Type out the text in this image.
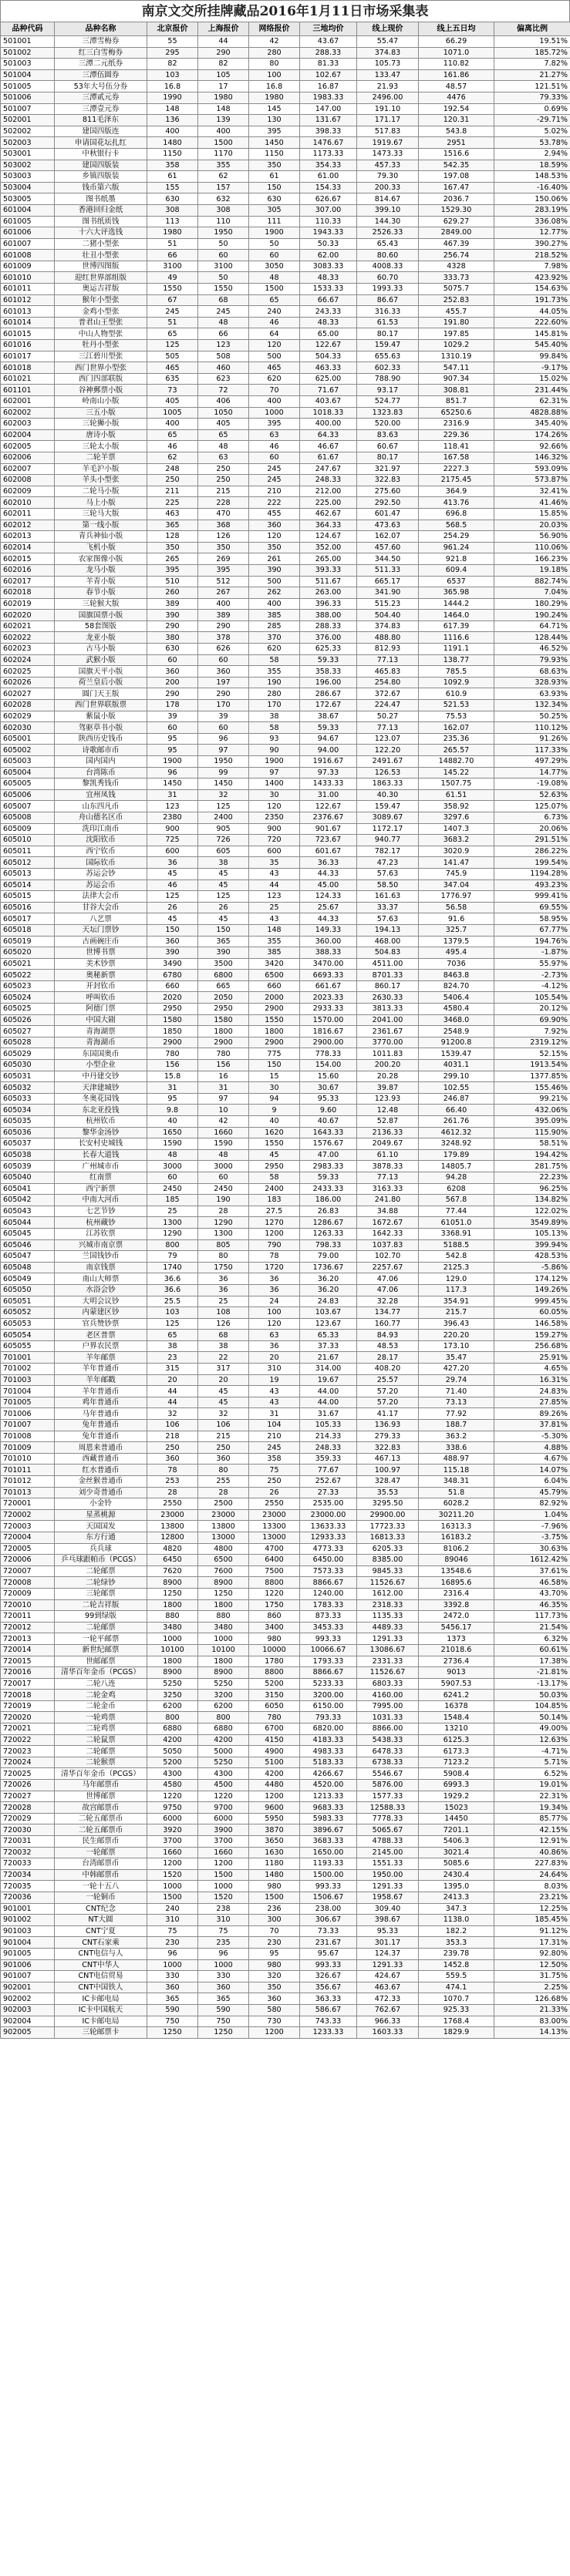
南京文交所挂牌藏品2016年1月11日市场采集表
品种代码	品种名称	北京报价	上海报价	网络报价	三地均价	线上现价	线上五日均	偏离比例
501001	三潭雪梅券	55	44	42	43.67	55.47	66.29	19.51%
501002	红三白雪梅券	295	290	280	288.33	374.83	1071.0	185.72%
501003	三潭二元纸券	82	82	80	81.33	105.73	110.82	7.82%
501004	三潭伍圆券	103	105	100	102.67	133.47	161.86	21.27%
501005	53年大号伍分券	16.8	17	16.8	16.87	21.93	48.57	121.51%
501006	三潭贰元券	1990	1980	1980	1983.33	2496.00	4476	79.33%
501007	三潭壹元券	148	148	145	147.00	191.10	192.54	0.69%
502001	811毛泽东	136	139	130	131.67	171.17	120.31	-29.71%
502002	建国四版连	400	400	395	398.33	517.83	543.8	5.02%
502003	申请国花坛扎红	1480	1500	1450	1476.67	1919.67	2951	53.78%
503001	中秋银行卡	1150	1170	1150	1173.33	1473.33	1516.6	2.94%
503002	建国四版装	358	355	350	354.33	457.33	542.35	18.59%
503003	乡镇四版装	61	62	61	61.00	79.30	197.08	148.53%
503004	钱币第六版	155	157	150	154.33	200.33	167.47	-16.40%
503005	图书纸墨	630	632	630	626.67	814.67	2036.7	150.06%
601004	香港回归金纸	308	308	305	307.00	399.10	1529.30	283.19%
601005	图书纸质钱	113	110	111	110.33	144.30	629.27	336.08%
601006	十六大评选钱	1980	1950	1900	1943.33	2526.33	2849.00	12.77%
601007	二猪小型张	51	50	50	50.33	65.43	467.39	390.27%
601008	壮丑小型张	66	60	60	62.00	80.60	256.74	218.52%
601009	世博四图版	3100	3100	3050	3083.33	4008.33	4328	7.98%
601010	迎红世界部组版	49	50	48	48.33	60.70	333.73	423.92%
601011	奥运吉祥版	1550	1550	1500	1533.33	1993.33	5075.7	154.63%
601012	猴年小型张	67	68	65	66.67	86.67	252.83	191.73%
601013	金鸡小型张	245	245	240	243.33	316.33	455.7	44.05%
601014	普君山王型张	51	48	46	48.33	61.53	191.80	222.60%
601015	中山人物型张	65	66	64	65.00	80.17	197.85	145.81%
601016	牡丹小型张	125	123	120	122.67	159.47	1029.2	545.40%
601017	三江碧川型张	505	508	500	504.33	655.63	1310.19	99.84%
601018	西门世界小型张	465	460	465	463.33	602.33	547.11	-9.17%
601021	西门四部联版	635	623	620	625.00	788.90	907.34	15.02%
601101	谷神郵票小版	73	72	70	71.67	93.17	308.81	231.44%
602001	岭南山小版	405	406	400	403.67	524.77	851.7	62.31%
602002	三五小版	1005	1050	1000	1018.33	1323.83	65250.6	4828.88%
602003	三轮狮小版	400	405	395	400.00	520.00	2316.9	345.40%
602004	唐诗小版	65	65	63	64.33	83.63	229.36	174.26%
602005	三轮太小版	46	48	46	46.67	60.67	118.41	92.66%
602006	二轮羊票	62	63	60	61.67	80.17	167.58	146.32%
602007	羊毛沪小版	248	250	245	247.67	321.97	2227.3	593.09%
602008	羊头小型张	250	250	245	248.33	322.83	2175.45	573.87%
602009	二轮马小版	211	215	210	212.00	275.60	364.9	32.41%
602010	马上小版	225	228	222	225.00	292.50	413.76	41.46%
602011	三轮马大版	463	470	455	462.67	601.47	696.8	15.85%
602012	第一线小版	365	368	360	364.33	473.63	568.5	20.03%
602013	青兵神仙小版	128	126	120	124.67	162.07	254.29	56.90%
602014	飞机小版	350	350	350	352.00	457.60	961.24	110.06%
602015	农家图像小版	265	269	261	265.00	344.50	921.8	166.23%
602016	龙马小版	395	395	390	393.33	511.33	609.4	19.18%
602017	羊青小版	510	512	500	511.67	665.17	6537	882.74%
602018	春节小版	260	267	262	263.00	341.90	365.98	7.04%
602019	三轮猴大版	389	400	400	396.33	515.23	1444.2	180.29%
602020	国旗国票小版	390	389	385	388.00	504.40	1464.0	190.24%
602021	58套图版	290	290	285	288.33	374.83	617.39	64.71%
602022	龙亚小版	380	378	370	376.00	488.80	1116.6	128.44%
602023	古马小版	630	626	620	625.33	812.93	1191.1	46.52%
602024	武猴小版	60	60	58	59.33	77.13	138.77	79.93%
602025	国旗天平小版	360	360	355	358.33	465.83	785.5	68.63%
602026	荷兰皇后小版	200	197	190	196.00	254.80	1092.9	328.93%
602027	圆门天王版	290	290	280	286.67	372.67	610.9	63.93%
602028	西门世界联版票	178	170	170	172.67	224.47	521.53	132.34%
602029	紫鼠小版	39	39	38	38.67	50.27	75.53	50.25%
602030	驾驱草书小版	60	60	58	59.33	77.13	162.07	110.12%
605001	陕西历史钱币	95	96	93	94.67	123.07	235.36	91.26%
605002	诗歌邮市币	95	97	90	94.00	122.20	265.57	117.33%
605003	国内国内	1900	1950	1900	1916.67	2491.67	14882.70	497.29%
605004	台湾陈币	96	99	97	97.33	126.53	145.22	14.77%
605005	黎凯秀钱币	1450	1450	1400	1433.33	1863.33	1507.75	-19.08%
605006	宜州凤钱	31	32	30	31.00	40.30	61.51	52.63%
605007	山东四凡币	123	125	120	122.67	159.47	358.92	125.07%
605008	舟山德名区币	2380	2400	2350	2376.67	3089.67	3297.6	6.73%
605009	洗印江南币	900	905	900	901.67	1172.17	1407.3	20.06%
605010	沈阳钦币	725	726	720	723.67	940.77	3683.2	291.51%
605011	西宁钦币	600	605	600	601.67	782.17	3020.9	286.22%
605012	国际钦币	36	38	35	36.33	47.23	141.47	199.54%
605013	苏运会钞	45	45	43	44.33	57.63	745.9	1194.28%
605014	苏运会币	46	45	44	45.00	58.50	347.04	493.23%
605015	法律大会币	125	125	123	124.33	161.63	1776.97	999.41%
605016	甘谷大会币	26	26	25	25.67	33.37	56.58	69.55%
605017	八艺票	45	45	43	44.33	57.63	91.6	58.95%
605018	天坛门票钞	150	150	148	149.33	194.13	325.7	67.77%
605019	古画碗庄币	360	365	355	360.00	468.00	1379.5	194.76%
605020	世博书票	390	390	385	388.33	504.83	495.4	-1.87%
605021	美术钞票	3490	3500	3420	3470.00	4511.00	7036	55.97%
605022	奥秘新票	6780	6800	6500	6693.33	8701.33	8463.8	-2.73%
605023	开封钦币	660	665	660	661.67	860.17	824.70	-4.12%
605024	呼叫钦币	2020	2050	2000	2023.33	2630.33	5406.4	105.54%
605025	阿德门票	2950	2950	2900	2933.33	3813.33	4580.4	20.12%
605026	中国大剧	1580	1580	1550	1570.00	2041.00	3468.0	69.90%
605027	青海湖票	1850	1800	1800	1816.67	2361.67	2548.9	7.92%
605028	青海湖币	2900	2900	2900	2900.00	3770.00	91200.8	2319.12%
605029	东国国奥币	780	780	775	778.33	1011.83	1539.47	52.15%
605030	小型企业	156	156	150	154.00	200.20	4031.1	1913.54%
605031	中丹建交钞	15.8	16	15	15.60	20.28	299.10	1377.85%
605032	天津建城钞	31	31	30	30.67	39.87	102.55	155.46%
605033	冬奥花园钱	95	97	94	95.33	123.93	246.87	99.21%
605034	东北亚投钱	9.8	10	9	9.60	12.48	66.40	432.06%
605035	杭州钦币	40	42	40	40.67	52.87	261.76	395.09%
605036	黎华金汤钞	1650	1660	1620	1643.33	2136.33	4612.32	115.90%
605037	长安村史城钱	1590	1590	1550	1576.67	2049.67	3248.92	58.51%
605038	长春大道钱	48	48	45	47.00	61.10	179.89	194.42%
605039	广州城市币	3000	3000	2950	2983.33	3878.33	14805.7	281.75%
605040	红南票	60	60	58	59.33	77.13	94.28	22.23%
605041	西宁新票	2450	2450	2400	2433.33	3163.33	6208	96.25%
605042	中南大河币	185	190	183	186.00	241.80	567.8	134.82%
605043	七艺节钞	25	28	27.5	26.83	34.88	77.44	122.02%
605044	杭州藏钞	1300	1290	1270	1286.67	1672.67	61051.0	3549.89%
605045	江苏钦票	1290	1300	1200	1263.33	1642.33	3368.91	105.13%
605046	兴城市南京票	800	805	790	798.33	1037.83	5188.5	399.94%
605047	兰国钱钞币	79	80	78	79.00	102.70	542.8	428.53%
605048	南京钱票	1740	1750	1720	1736.67	2257.67	2125.3	-5.86%
605049	南山大师票	36.6	36	36	36.20	47.06	129.0	174.12%
605050	水浴会钞	36.6	36	36	36.20	47.06	117.3	149.26%
605051	大明会议钞	25.5	25	24	24.83	32.28	354.91	999.45%
605052	内蒙建区钞	103	108	100	103.67	134.77	215.7	60.05%
605053	官兵赞钞票	125	126	120	123.67	160.77	396.43	146.58%
605054	老区普票	65	68	63	65.33	84.93	220.20	159.27%
605055	户界农民票	38	38	36	37.33	48.53	173.10	256.68%
701001	羊年邮票	23	22	20	21.67	28.17	35.47	25.91%
701002	羊年普通币	315	317	310	314.00	408.20	427.20	4.65%
701003	羊年邮戳	20	20	19	19.67	25.57	29.74	16.31%
701004	羊年普通币	44	45	43	44.00	57.20	71.40	24.83%
701005	鸡年普通币	44	45	43	44.00	57.20	73.13	27.85%
701006	马年普通币	32	32	31	31.67	41.17	77.92	89.26%
701007	兔年普通币	106	106	104	105.33	136.93	188.7	37.81%
701008	兔年普通币	218	215	210	214.33	279.33	363.2	-5.30%
701009	周恩来普通币	250	250	245	248.33	322.83	338.6	4.88%
701010	西藏普通币	360	360	358	359.33	467.13	488.97	4.67%
701011	红水普通币	78	80	75	77.67	100.97	115.18	14.07%
701012	金丝猴普通币	253	255	250	252.67	328.47	348.31	6.04%
701013	刘少奇普通币	28	28	26	27.33	35.53	51.8	45.79%
720001	小金铃	2550	2500	2550	2535.00	3295.50	6028.2	82.92%
720002	星蒸桃源	23000	23000	23000	23000.00	29900.00	30211.20	1.04%
720003	天国国发	13800	13800	13300	13633.33	17723.33	16313.3	-7.96%
720004	东方行通	12800	13000	13000	12933.33	16813.33	16183.2	-3.75%
720005	兵兵球	4820	4800	4700	4773.33	6205.33	8106.2	30.63%
720006	乒乓球跟帕币（PCGS）	6450	6500	6400	6450.00	8385.00	89046	1612.42%
720007	二轮邮票	7620	7600	7500	7573.33	9845.33	13548.6	37.61%
720008	二轮绿钞	8900	8900	8800	8866.67	11526.67	16895.6	46.58%
720009	三轮邮票	1250	1250	1220	1240.00	1612.00	2316.4	43.70%
720010	二轮吉祥版	1800	1800	1750	1783.33	2318.33	3392.8	46.35%
720011	99到绿版	880	880	860	873.33	1135.33	2472.0	117.73%
720012	二轮邮票	3480	3480	3400	3453.33	4489.33	5456.17	21.54%
720013	一轮平邮票	1000	1000	980	993.33	1291.33	1373	6.32%
720014	新世纪邮票	10100	10100	10000	10066.67	13086.67	21018.6	60.61%
720015	世邮邮票	1800	1800	1780	1793.33	2331.33	2736.4	17.38%
720016	清华百年金币（PCGS）	8900	8900	8800	8866.67	11526.67	9013	-21.81%
720017	二轮八连	5250	5250	5200	5233.33	6803.33	5907.53	-13.17%
720018	二轮金鸡	3250	3200	3150	3200.00	4160.00	6241.2	50.03%
720019	二轮金币	6200	6200	6050	6150.00	7995.00	16378	104.85%
720020	一轮鸡票	800	800	780	793.33	1031.33	1548.4	50.14%
720021	二轮鸡票	6880	6880	6700	6820.00	8866.00	13210	49.00%
720022	二轮鼠票	4200	4200	4150	4183.33	5438.33	6125.3	12.63%
720023	二轮邮票	5050	5000	4900	4983.33	6478.33	6173.3	-4.71%
720024	二轮猴票	5200	5250	5100	5183.33	6738.33	7123.2	5.71%
720025	清华百年金币（PCGS）	4300	4300	4200	4266.67	5546.67	5908.4	6.52%
720026	马年邮票币	4580	4500	4480	4520.00	5876.00	6993.3	19.01%
720027	世博邮票	1220	1220	1200	1213.33	1577.33	1929.2	22.31%
720028	故宫邮票币	9750	9700	9600	9683.33	12588.33	15023	19.34%
720029	二轮五邮票币	6000	6000	5950	5983.33	7778.33	14450	85.77%
720030	二轮五邮票币	3920	3900	3870	3896.67	5065.67	7201.1	42.15%
720031	民生邮票币	3700	3700	3650	3683.33	4788.33	5406.3	12.91%
720032	一轮邮票	1660	1660	1630	1650.00	2145.00	3021.4	40.86%
720033	台湾邮票币	1200	1200	1180	1193.33	1551.33	5085.6	227.83%
720034	中韩邮票币	1520	1500	1480	1500.00	1950.00	2430.4	24.64%
720035	一轮十五八	1000	1000	980	993.33	1291.33	1395.0	8.03%
720036	一轮铜币	1500	1520	1500	1506.67	1958.67	2413.3	23.21%
901001	CNT纪念	240	238	236	238.00	309.40	347.3	12.25%
901002	NT大圆	310	310	300	306.67	398.67	1138.0	185.45%
901003	CNT宁夏	75	75	70	73.33	95.33	182.2	91.12%
901004	CNT石家乘	230	235	230	231.67	301.17	353.3	17.31%
901005	CNT电信与人	96	96	95	95.67	124.37	239.78	92.80%
901006	CNT中华人	1000	1000	980	993.33	1291.33	1452.8	12.50%
901007	CNT电信贸易	330	330	320	326.67	424.67	559.5	31.75%
902001	CNT中国铁人	360	360	350	356.67	463.67	474.1	2.25%
902002	IC卡邮电局	365	365	360	363.33	472.33	1070.7	126.68%
902003	IC卡中国航天	590	590	580	586.67	762.67	925.33	21.33%
902004	IC卡邮电局	750	750	730	743.33	966.33	1768.4	83.00%
902005	三轮邮票卡	1250	1250	1200	1233.33	1603.33	1829.9	14.13%
